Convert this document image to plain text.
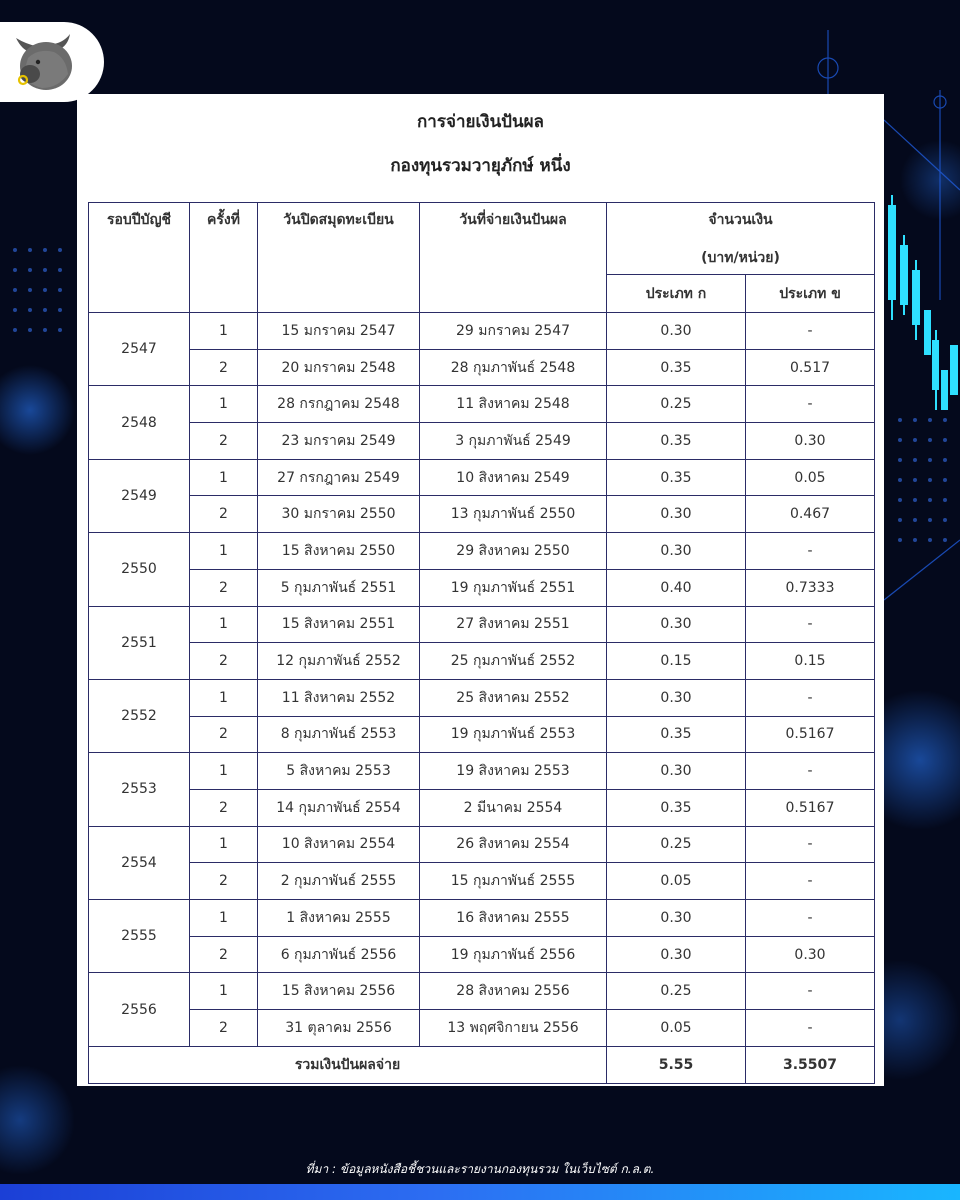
การจ่ายเงินปันผล
กองทุนรวมวายุภักษ์ หนึ่ง
รอบปีบัญชี	ครั้งที่	วันปิดสมุดทะเบียน	วันที่จ่ายเงินปันผล	จำนวนเงิน
(บาท/หน่วย)	

				ประเภท ก	ประเภท ข
2547	1	15 มกราคม 2547	29 มกราคม 2547	0.30	-
	2	20 มกราคม 2548	28 กุมภาพันธ์ 2548	0.35	0.517
2548	1	28 กรกฎาคม 2548	11 สิงหาคม 2548	0.25	-
	2	23 มกราคม 2549	3 กุมภาพันธ์ 2549	0.35	0.30
2549	1	27 กรกฎาคม 2549	10 สิงหาคม 2549	0.35	0.05
	2	30 มกราคม 2550	13 กุมภาพันธ์ 2550	0.30	0.467
2550	1	15 สิงหาคม 2550	29 สิงหาคม 2550	0.30	-
	2	5 กุมภาพันธ์ 2551	19 กุมภาพันธ์ 2551	0.40	0.7333
2551	1	15 สิงหาคม 2551	27 สิงหาคม 2551	0.30	-
	2	12 กุมภาพันธ์ 2552	25 กุมภาพันธ์ 2552	0.15	0.15
2552	1	11 สิงหาคม 2552	25 สิงหาคม 2552	0.30	-
	2	8 กุมภาพันธ์ 2553	19 กุมภาพันธ์ 2553	0.35	0.5167
2553	1	5 สิงหาคม 2553	19 สิงหาคม 2553	0.30	-
	2	14 กุมภาพันธ์ 2554	2 มีนาคม 2554	0.35	0.5167
2554	1	10 สิงหาคม 2554	26 สิงหาคม 2554	0.25	-
	2	2 กุมภาพันธ์ 2555	15 กุมภาพันธ์ 2555	0.05	-
2555	1	1 สิงหาคม 2555	16 สิงหาคม 2555	0.30	-
	2	6 กุมภาพันธ์ 2556	19 กุมภาพันธ์ 2556	0.30	0.30
2556	1	15 สิงหาคม 2556	28 สิงหาคม 2556	0.25	-
	2	31 ตุลาคม 2556	13 พฤศจิกายน 2556	0.05	-
รวมเงินปันผลจ่าย				5.55	3.5507
ที่มา : ข้อมูลหนังสือชี้ชวนและรายงานกองทุนรวม ในเว็บไซต์ ก.ล.ต.
